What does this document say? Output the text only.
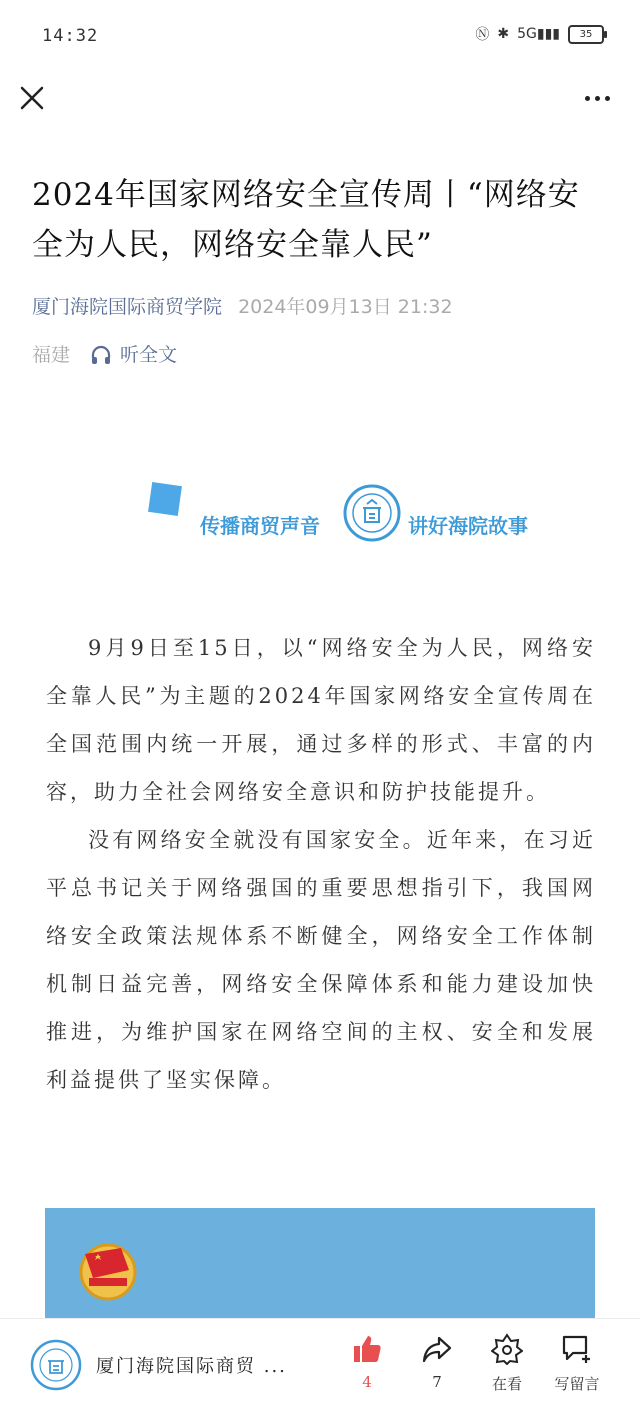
14:32	Ⓝ ✱ 5G▮▮▮	35
2024年国家网络安全宣传周丨“网络安全为人民，网络安全靠人民”
厦门海院国际商贸学院 2024年09月13日 21:32
福建	听全文
传播商贸声音	讲好海院故事

9月9日至15日，以“网络安全为人民，网络安全靠人民”为主题的2024年国家网络安全宣传周在全国范围内统一开展，通过多样的形式、丰富的内容，助力全社会网络安全意识和防护技能提升。

没有网络安全就没有国家安全。近年来，在习近平总书记关于网络强国的重要思想指引下，我国网络安全政策法规体系不断健全，网络安全工作体制机制日益完善，网络安全保障体系和能力建设加快推进，为维护国家在网络空间的主权、安全和发展利益提供了坚实保障。

厦门海院国际商贸 ...
4	7	在看	写留言
